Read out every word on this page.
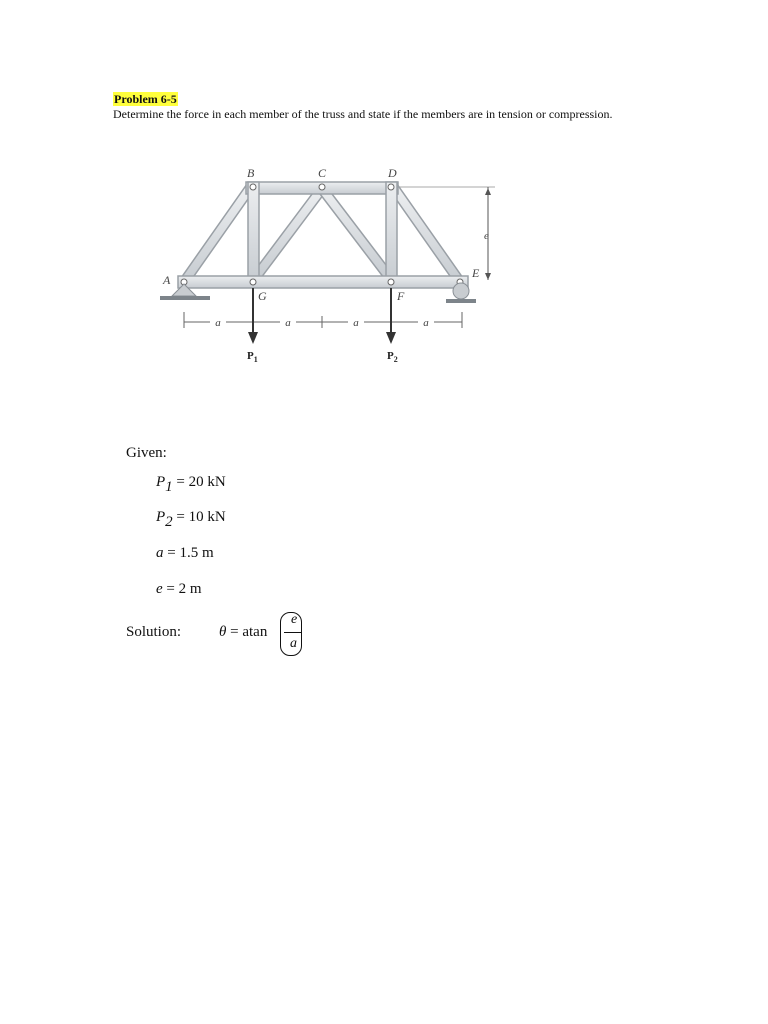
Problem 6-5
Determine the force in each member of the truss and state if the members are in tension or compression.
a	a	a	a
$P_1$	$P_2$
A
B	C	D
E
F
G
e
Given:
P1 = 20 kN
P2 = 10 kN
a = 1.5 m
e = 2 m
Solution:	θ = atan
e
a
